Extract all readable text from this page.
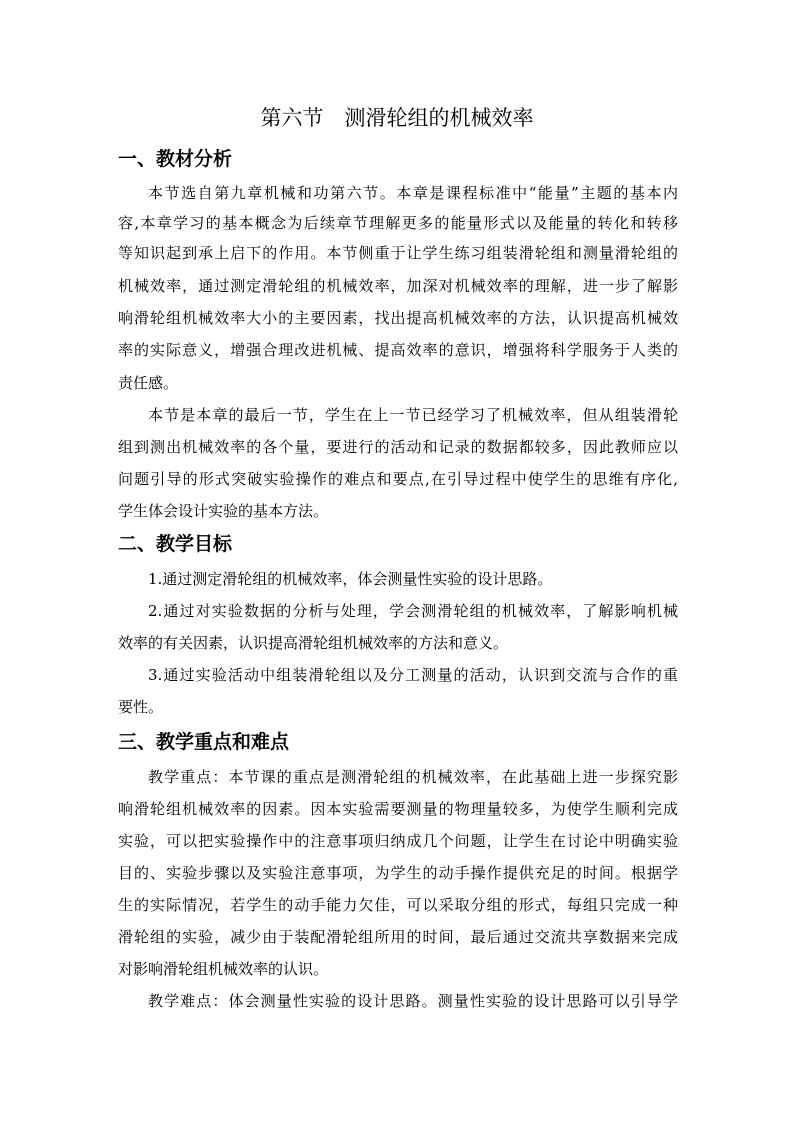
第六节　测滑轮组的机械效率
一、教材分析
本节选自第九章机械和功第六节。本章是课程标准中“能量”主题的基本内
容,本章学习的基本概念为后续章节理解更多的能量形式以及能量的转化和转移
等知识起到承上启下的作用。本节侧重于让学生练习组装滑轮组和测量滑轮组的
机械效率，通过测定滑轮组的机械效率，加深对机械效率的理解，进一步了解影
响滑轮组机械效率大小的主要因素，找出提高机械效率的方法，认识提高机械效
率的实际意义，增强合理改进机械、提高效率的意识，增强将科学服务于人类的
责任感。
本节是本章的最后一节，学生在上一节已经学习了机械效率，但从组装滑轮
组到测出机械效率的各个量，要进行的活动和记录的数据都较多，因此教师应以
问题引导的形式突破实验操作的难点和要点,在引导过程中使学生的思维有序化,
学生体会设计实验的基本方法。
二、教学目标
1.通过测定滑轮组的机械效率，体会测量性实验的设计思路。
2.通过对实验数据的分析与处理，学会测滑轮组的机械效率，了解影响机械
效率的有关因素，认识提高滑轮组机械效率的方法和意义。
3.通过实验活动中组装滑轮组以及分工测量的活动，认识到交流与合作的重
要性。
三、教学重点和难点
教学重点：本节课的重点是测滑轮组的机械效率，在此基础上进一步探究影
响滑轮组机械效率的因素。因本实验需要测量的物理量较多，为使学生顺利完成
实验，可以把实验操作中的注意事项归纳成几个问题，让学生在讨论中明确实验
目的、实验步骤以及实验注意事项，为学生的动手操作提供充足的时间。根据学
生的实际情况，若学生的动手能力欠佳，可以采取分组的形式，每组只完成一种
滑轮组的实验，减少由于装配滑轮组所用的时间，最后通过交流共享数据来完成
对影响滑轮组机械效率的认识。
教学难点：体会测量性实验的设计思路。测量性实验的设计思路可以引导学
